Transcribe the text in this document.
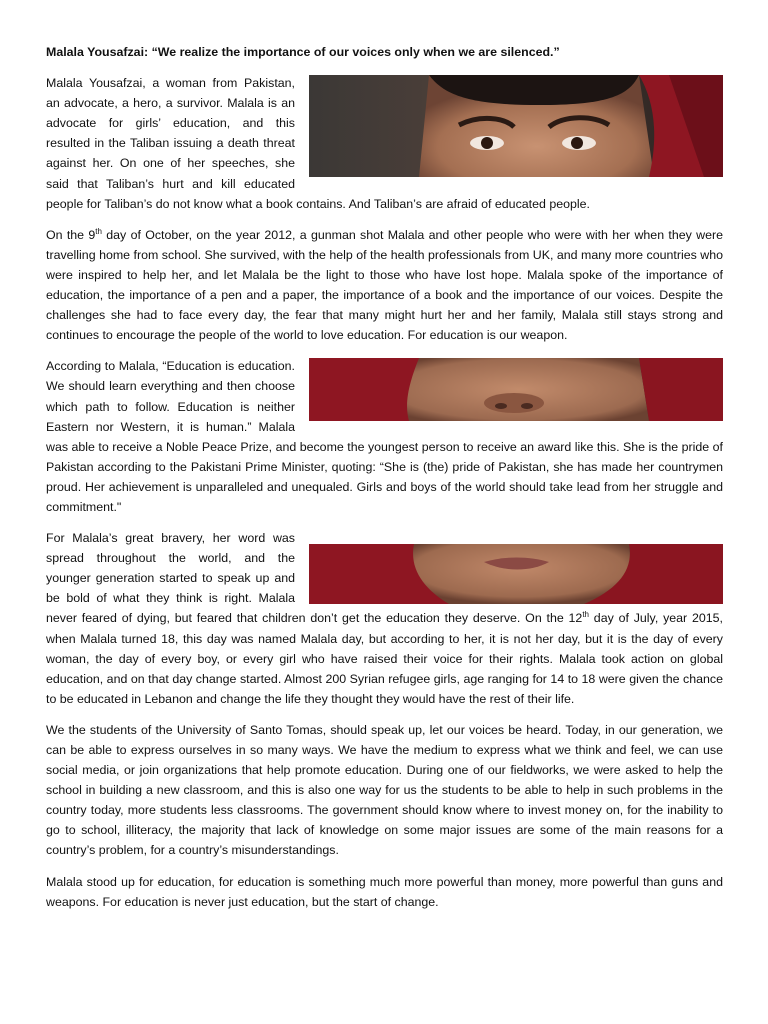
Malala Yousafzai: “We realize the importance of our voices only when we are silenced.”

Malala Yousafzai, a woman from Pakistan, an advocate, a hero, a survivor. Malala is an advocate for girls’ education, and this resulted in the Taliban issuing a death threat against her. On one of her speeches, she said that Taliban’s hurt and kill educated people for Taliban’s do not know what a book contains. And Taliban’s are afraid of educated people.

On the 9th day of October, on the year 2012, a gunman shot Malala and other people who were with her when they were travelling home from school. She survived, with the help of the health professionals from UK, and many more countries who were inspired to help her, and let Malala be the light to those who have lost hope. Malala spoke of the importance of education, the importance of a pen and a paper, the importance of a book and the importance of our voices. Despite the challenges she had to face every day, the fear that many might hurt her and her family, Malala still stays strong and continues to encourage the people of the world to love education. For education is our weapon.

According to Malala, “Education is education. We should learn everything and then choose which path to follow. Education is neither Eastern nor Western, it is human.” Malala was able to receive a Noble Peace Prize, and become the youngest person to receive an award like this. She is the pride of Pakistan according to the Pakistani Prime Minister, quoting: “She is (the) pride of Pakistan, she has made her countrymen proud. Her achievement is unparalleled and unequaled. Girls and boys of the world should take lead from her struggle and commitment."

For Malala’s great bravery, her word was spread throughout the world, and the younger generation started to speak up and be bold of what they think is right. Malala never feared of dying, but feared that children don’t get the education they deserve. On the 12th day of July, year 2015, when Malala turned 18, this day was named Malala day, but according to her, it is not her day, but it is the day of every woman, the day of every boy, or every girl who have raised their voice for their rights. Malala took action on global education, and on that day change started. Almost 200 Syrian refugee girls, age ranging for 14 to 18 were given the chance to be educated in Lebanon and change the life they thought they would have the rest of their life.

We the students of the University of Santo Tomas, should speak up, let our voices be heard. Today, in our generation, we can be able to express ourselves in so many ways. We have the medium to express what we think and feel, we can use social media, or join organizations that help promote education. During one of our fieldworks, we were asked to help the school in building a new classroom, and this is also one way for us the students to be able to help in such problems in the country today, more students less classrooms. The government should know where to invest money on, for the inability to go to school, illiteracy, the majority that lack of knowledge on some major issues are some of the main reasons for a country’s problem, for a country’s misunderstandings.

Malala stood up for education, for education is something much more powerful than money, more powerful than guns and weapons. For education is never just education, but the start of change.
